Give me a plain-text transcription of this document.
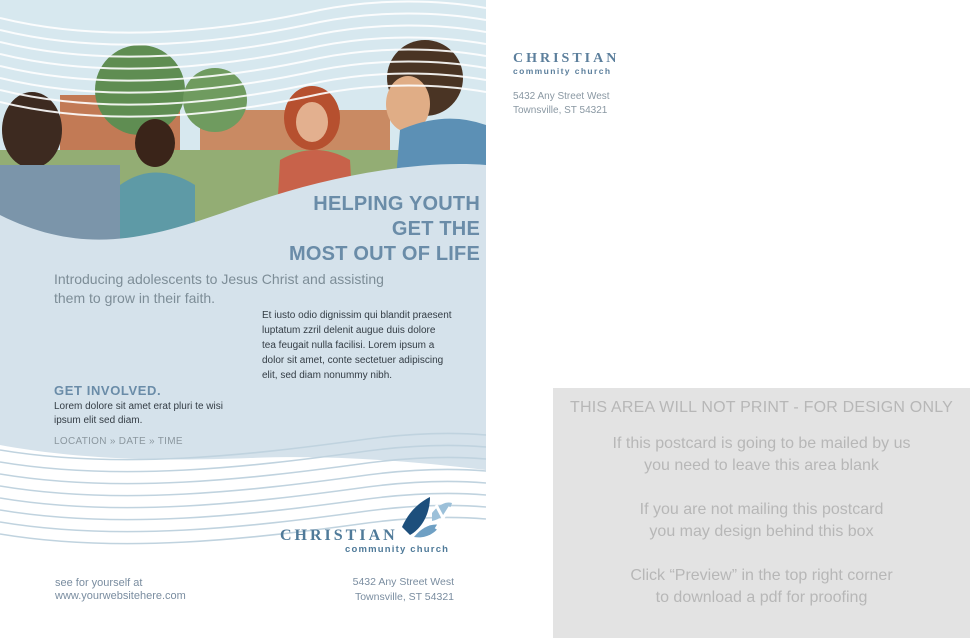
HELPING YOUTH
GET THE
MOST OUT OF LIFE
Introducing adolescents to Jesus Christ and assisting them to grow in their faith.
Et iusto odio dignissim qui blandit praesent luptatum zzril delenit augue duis dolore tea feugait nulla facilisi. Lorem ipsum a dolor sit amet, conte sectetuer adipiscing elit, sed diam nonummy nibh.
GET INVOLVED.
Lorem dolore sit amet erat pluri te wisi ipsum elit sed diam.
LOCATION » DATE » TIME
CHRISTIAN
community church
see for yourself at
www.yourwebsitehere.com
5432 Any Street West
Townsville, ST 54321
CHRISTIAN
community church
5432 Any Street West
Townsville, ST 54321
THIS AREA WILL NOT PRINT - FOR DESIGN ONLY
If this postcard is going to be mailed by us
you need to leave this area blank
If you are not mailing this postcard
you may design behind this box
Click “Preview” in the top right corner
to download a pdf for proofing
